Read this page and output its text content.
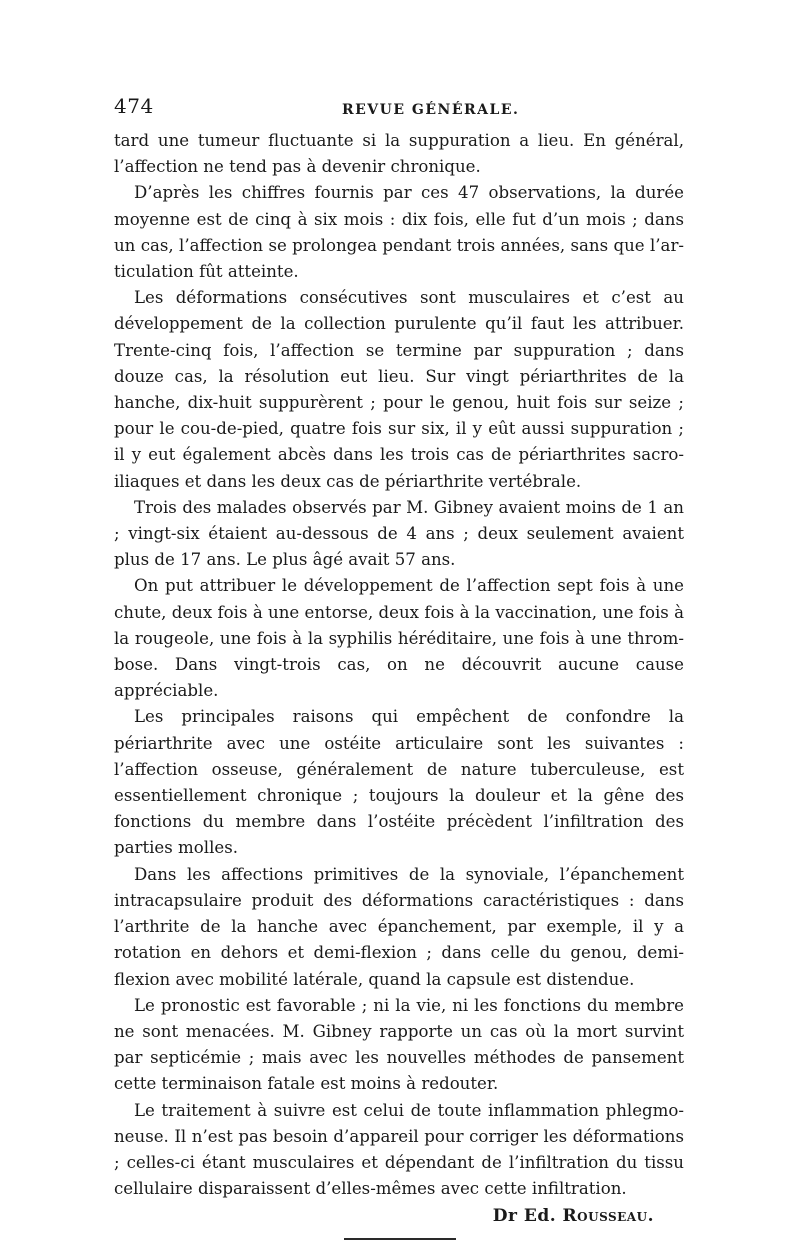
474	REVUE GÉNÉRALE.

tard une tumeur fluctuante si la suppuration a lieu. En général, l’affection ne tend pas à devenir chronique.

D’après les chiffres fournis par ces 47 observations, la durée moyenne est de cinq à six mois : dix fois, elle fut d’un mois ; dans un cas, l’affection se prolongea pendant trois années, sans que l’articulation fût atteinte.

Les déformations consécutives sont musculaires et c’est au développement de la collection purulente qu’il faut les attribuer. Trente-cinq fois, l’affection se termine par suppuration ; dans douze cas, la résolution eut lieu. Sur vingt périarthrites de la hanche, dix-huit suppurèrent ; pour le genou, huit fois sur seize ; pour le cou-de-pied, quatre fois sur six, il y eût aussi suppuration ; il y eut également abcès dans les trois cas de périarthrites sacro-iliaques et dans les deux cas de périarthrite vertébrale.

Trois des malades observés par M. Gibney avaient moins de 1 an ; vingt-six étaient au-dessous de 4 ans ; deux seulement avaient plus de 17 ans. Le plus âgé avait 57 ans.

On put attribuer le développement de l’affection sept fois à une chute, deux fois à une entorse, deux fois à la vaccination, une fois à la rougeole, une fois à la syphilis héréditaire, une fois à une thrombose. Dans vingt-trois cas, on ne découvrit aucune cause appréciable.

Les principales raisons qui empêchent de confondre la périarthrite avec une ostéite articulaire sont les suivantes : l’affection osseuse, généralement de nature tuberculeuse, est essentiellement chronique ; toujours la douleur et la gêne des fonctions du membre dans l’ostéite précèdent l’infiltration des parties molles.

Dans les affections primitives de la synoviale, l’épanchement intracapsulaire produit des déformations caractéristiques : dans l’arthrite de la hanche avec épanchement, par exemple, il y a rotation en dehors et demi-flexion ; dans celle du genou, demi-flexion avec mobilité latérale, quand la capsule est distendue.

Le pronostic est favorable ; ni la vie, ni les fonctions du membre ne sont menacées. M. Gibney rapporte un cas où la mort survint par septicémie ; mais avec les nouvelles méthodes de pansement cette terminaison fatale est moins à redouter.

Le traitement à suivre est celui de toute inflammation phlegmoneuse. Il n’est pas besoin d’appareil pour corriger les déformations ; celles-ci étant musculaires et dépendant de l’infiltration du tissu cellulaire disparaissent d’elles-mêmes avec cette infiltration.

Dr Ed. Rousseau.
